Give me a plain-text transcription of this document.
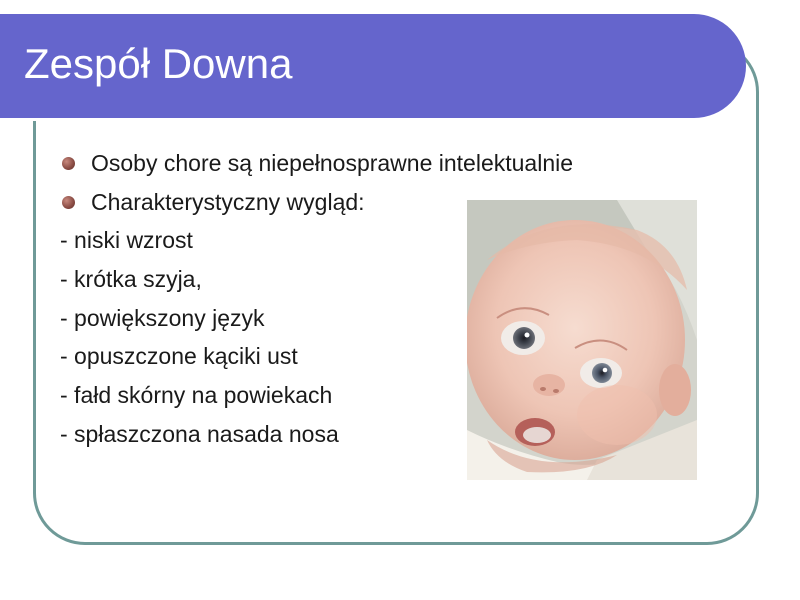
Zespół Downa
Osoby chore są niepełnosprawne intelektualnie
Charakterystyczny wygląd:
- niski wzrost
- krótka szyja,
- powiększony język
- opuszczone kąciki ust
- fałd skórny na powiekach
- spłaszczona nasada nosa
